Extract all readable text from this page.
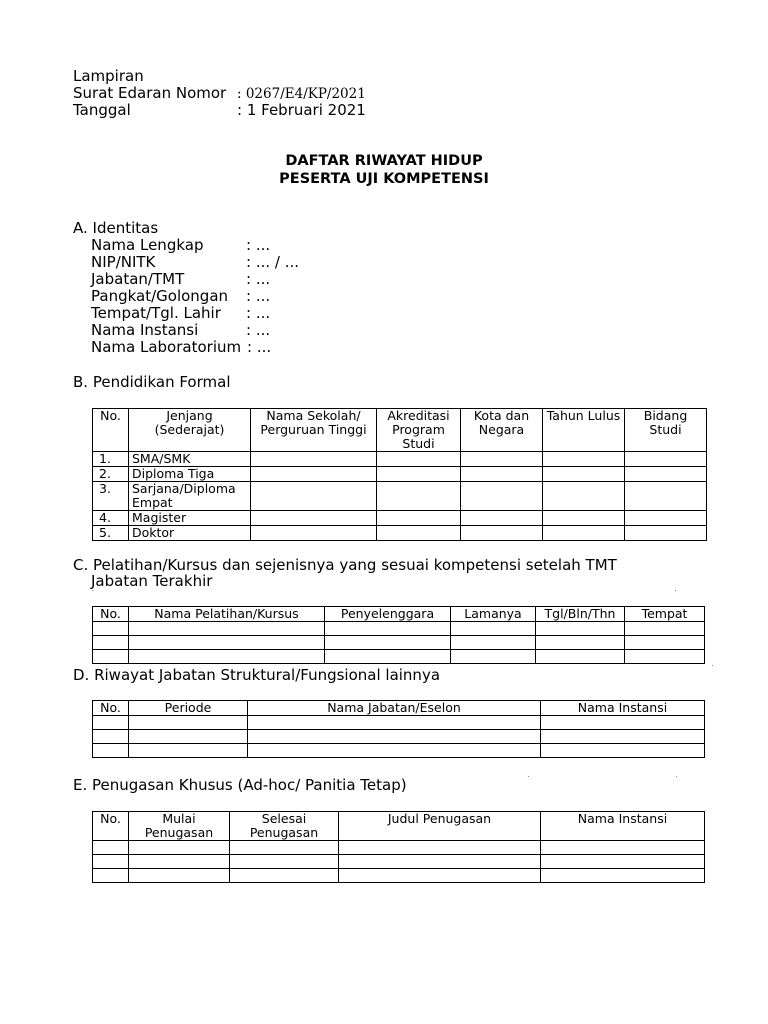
Lampiran
Surat Edaran Nomor : 0267/E4/KP/2021
Tanggal	: 1 Februari 2021
DAFTAR RIWAYAT HIDUP
PESERTA UJI KOMPETENSI
A. Identitas
Nama Lengkap	: ...
NIP/NITK	: ... / ...
Jabatan/TMT	: ...
Pangkat/Golongan : ...
Tempat/Tgl. Lahir : ...
Nama Instansi	: ...
Nama Laboratorium : ...
B. Pendidikan Formal
No.	Jenjang (Sederajat)	Nama Sekolah/ Perguruan Tinggi	Akreditasi Program Studi	Kota dan Negara	Tahun Lulus	Bidang Studi
1.	SMA/SMK					
2.	Diploma Tiga					
3.	Sarjana/Diploma Empat					
4.	Magister					
5.	Doktor					
C. Pelatihan/Kursus dan sejenisnya yang sesuai kompetensi setelah TMT
Jabatan Terakhir
No.	Nama Pelatihan/Kursus	Penyelenggara	Lamanya	Tgl/Bln/Thn	Tempat

D. Riwayat Jabatan Struktural/Fungsional lainnya
No.	Periode	Nama Jabatan/Eselon	Nama Instansi

E. Penugasan Khusus (Ad-hoc/ Panitia Tetap)
No.	Mulai Penugasan	Selesai Penugasan	Judul Penugasan	Nama Instansi
